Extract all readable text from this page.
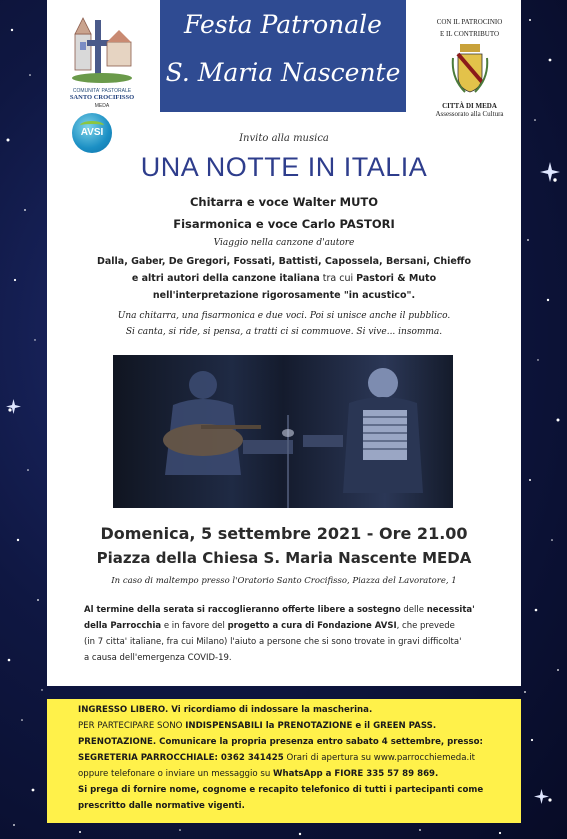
COMUNITA' PASTORALE
SANTO CROCIFISSO
MEDA
AVSI
Festa Patronale
S. Maria Nascente
CON IL PATROCINIO
E IL CONTRIBUTO
CITTÀ DI MEDA
Assessorato alla Cultura
Invito alla musica
UNA NOTTE IN ITALIA
Chitarra e voce Walter MUTO
Fisarmonica e voce Carlo PASTORI
Viaggio nella canzone d'autore
Dalla, Gaber, De Gregori, Fossati, Battisti, Capossela, Bersani, Chieffo
e altri autori della canzone italiana tra cui Pastori & Muto
nell'interpretazione rigorosamente "in acustico".
Una chitarra, una fisarmonica e due voci. Poi si unisce anche il pubblico.
Si canta, si ride, si pensa, a tratti ci si commuove. Si vive... insomma.
Domenica, 5 settembre 2021 - Ore 21.00
Piazza della Chiesa S. Maria Nascente MEDA
In caso di maltempo presso l'Oratorio Santo Crocifisso, Piazza del Lavoratore, 1
Al termine della serata si raccoglieranno offerte libere a sostegno delle necessita'
della Parrocchia e in favore del progetto a cura di Fondazione AVSI, che prevede
(in 7 citta' italiane, fra cui Milano) l'aiuto a persone che si sono trovate in gravi difficolta'
a causa dell'emergenza COVID-19.
INGRESSO LIBERO. Vi ricordiamo di indossare la mascherina.
PER PARTECIPARE SONO INDISPENSABILI la PRENOTAZIONE e il GREEN PASS.
PRENOTAZIONE. Comunicare la propria presenza entro sabato 4 settembre, presso:
SEGRETERIA PARROCCHIALE: 0362 341425 Orari di apertura su www.parrocchiemeda.it
oppure telefonare o inviare un messaggio su WhatsApp a FIORE 335 57 89 869.
Si prega di fornire nome, cognome e recapito telefonico di tutti i partecipanti come
prescritto dalle normative vigenti.
